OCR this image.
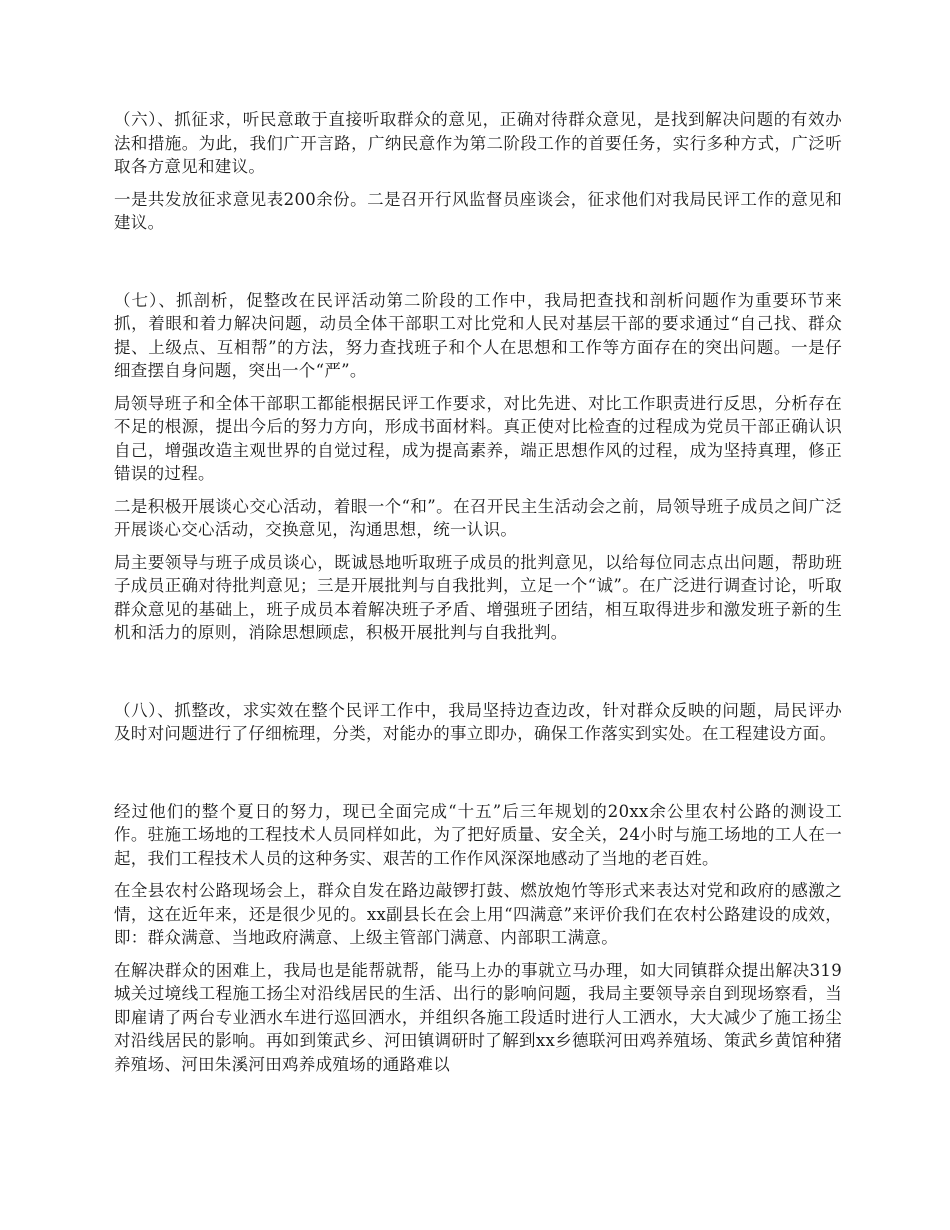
（六）、抓征求，听民意敢于直接听取群众的意见，正确对待群众意见，是找到解决问题的有效办法和措施。为此，我们广开言路，广纳民意作为第二阶段工作的首要任务，实行多种方式，广泛听取各方意见和建议。

一是共发放征求意见表200余份。二是召开行风监督员座谈会，征求他们对我局民评工作的意见和建议。

（七）、抓剖析，促整改在民评活动第二阶段的工作中，我局把查找和剖析问题作为重要环节来抓，着眼和着力解决问题，动员全体干部职工对比党和人民对基层干部的要求通过“自己找、群众提、上级点、互相帮”的方法，努力查找班子和个人在思想和工作等方面存在的突出问题。一是仔细查摆自身问题，突出一个“严”。

局领导班子和全体干部职工都能根据民评工作要求，对比先进、对比工作职责进行反思，分析存在不足的根源，提出今后的努力方向，形成书面材料。真正使对比检查的过程成为党员干部正确认识自己，增强改造主观世界的自觉过程，成为提高素养，端正思想作风的过程，成为坚持真理，修正错误的过程。

二是积极开展谈心交心活动，着眼一个“和”。在召开民主生活动会之前，局领导班子成员之间广泛开展谈心交心活动，交换意见，沟通思想，统一认识。

局主要领导与班子成员谈心，既诚恳地听取班子成员的批判意见，以给每位同志点出问题，帮助班子成员正确对待批判意见；三是开展批判与自我批判，立足一个“诚”。在广泛进行调查讨论，听取群众意见的基础上，班子成员本着解决班子矛盾、增强班子团结，相互取得进步和激发班子新的生机和活力的原则，消除思想顾虑，积极开展批判与自我批判。

（八）、抓整改，求实效在整个民评工作中，我局坚持边查边改，针对群众反映的问题，局民评办及时对问题进行了仔细梳理，分类，对能办的事立即办，确保工作落实到实处。在工程建设方面。

经过他们的整个夏日的努力，现已全面完成“十五”后三年规划的20xx余公里农村公路的测设工作。驻施工场地的工程技术人员同样如此，为了把好质量、安全关，24小时与施工场地的工人在一起，我们工程技术人员的这种务实、艰苦的工作作风深深地感动了当地的老百姓。

在全县农村公路现场会上，群众自发在路边敲锣打鼓、燃放炮竹等形式来表达对党和政府的感激之情，这在近年来，还是很少见的。xx副县长在会上用“四满意”来评价我们在农村公路建设的成效，即：群众满意、当地政府满意、上级主管部门满意、内部职工满意。

在解决群众的困难上，我局也是能帮就帮，能马上办的事就立马办理，如大同镇群众提出解决319城关过境线工程施工扬尘对沿线居民的生活、出行的影响问题，我局主要领导亲自到现场察看，当即雇请了两台专业洒水车进行巡回洒水，并组织各施工段适时进行人工洒水，大大减少了施工扬尘对沿线居民的影响。再如到策武乡、河田镇调研时了解到xx乡德联河田鸡养殖场、策武乡黄馆种猪养殖场、河田朱溪河田鸡养成殖场的通路难以
